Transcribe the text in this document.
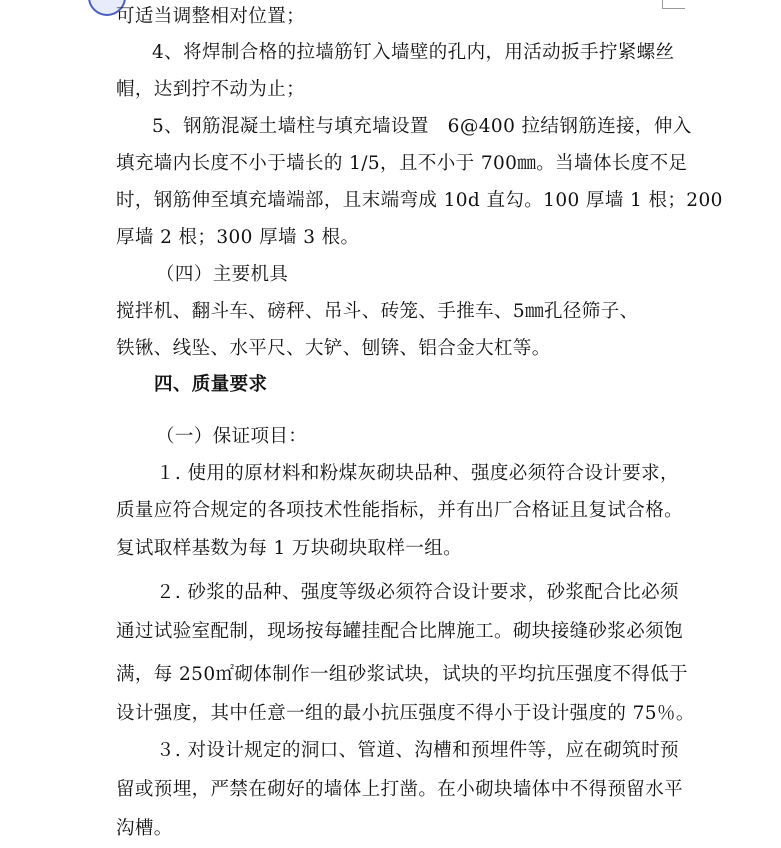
可适当调整相对位置；
4、将焊制合格的拉墙筋钉入墙壁的孔内，用活动扳手拧紧螺丝
帽，达到拧不动为止；
5、钢筋混凝土墙柱与填充墙设置　6@400 拉结钢筋连接，伸入
填充墙内长度不小于墙长的 1/5，且不小于 700㎜。当墙体长度不足
时，钢筋伸至填充墙端部，且末端弯成 10d 直勾。100 厚墙 1 根；200
厚墙 2 根；300 厚墙 3 根。
（四）主要机具
搅拌机、翻斗车、磅秤、吊斗、砖笼、手推车、5㎜孔径筛子、
铁锹、线坠、水平尺、大铲、刨锛、铝合金大杠等。
四、质量要求
（一）保证项目：
１. 使用的原材料和粉煤灰砌块品种、强度必须符合设计要求，
质量应符合规定的各项技术性能指标，并有出厂合格证且复试合格。
复试取样基数为每 1 万块砌块取样一组。
２. 砂浆的品种、强度等级必须符合设计要求，砂浆配合比必须
通过试验室配制，现场按每罐挂配合比牌施工。砌块接缝砂浆必须饱
满，每 250㎡砌体制作一组砂浆试块，试块的平均抗压强度不得低于
设计强度，其中任意一组的最小抗压强度不得小于设计强度的 75％。
３. 对设计规定的洞口、管道、沟槽和预埋件等，应在砌筑时预
留或预埋，严禁在砌好的墙体上打凿。在小砌块墙体中不得预留水平
沟槽。
